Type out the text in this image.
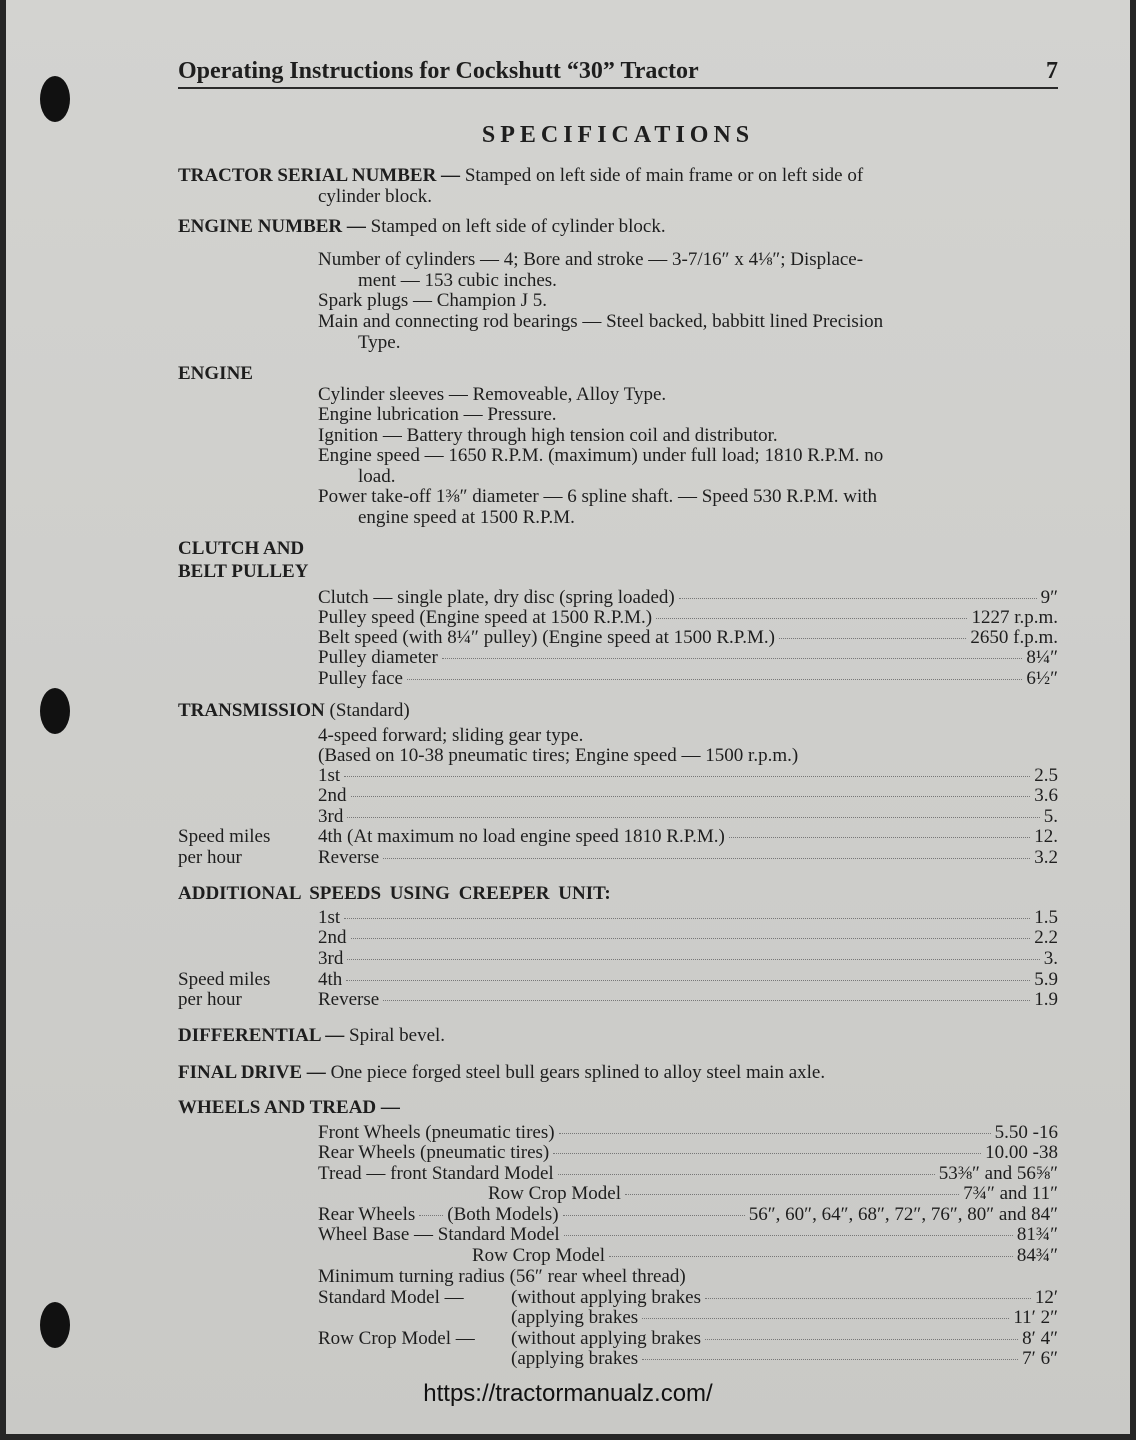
Operating Instructions for Cockshutt “30” Tractor	7
SPECIFICATIONS
TRACTOR SERIAL NUMBER — Stamped on left side of main frame or on left side of
cylinder block.
ENGINE NUMBER — Stamped on left side of cylinder block.
Number of cylinders — 4; Bore and stroke — 3-7/16″ x 4⅛″; Displace-
ment — 153 cubic inches.
Spark plugs — Champion J 5.
Main and connecting rod bearings — Steel backed, babbitt lined Precision
Type.
ENGINE
Cylinder sleeves — Removeable, Alloy Type.
Engine lubrication — Pressure.
Ignition — Battery through high tension coil and distributor.
Engine speed — 1650 R.P.M. (maximum) under full load; 1810 R.P.M. no
load.
Power take-off 1⅜″ diameter — 6 spline shaft. — Speed 530 R.P.M. with
engine speed at 1500 R.P.M.
CLUTCH AND
BELT PULLEY
Clutch — single plate, dry disc (spring loaded)	9″
Pulley speed (Engine speed at 1500 R.P.M.)	1227 r.p.m.
Belt speed (with 8¼″ pulley) (Engine speed at 1500 R.P.M.)	2650 f.p.m.
Pulley diameter	8¼″
Pulley face	6½″
TRANSMISSION (Standard)
4-speed forward; sliding gear type.
(Based on 10-38 pneumatic tires; Engine speed — 1500 r.p.m.)
1st	2.5
2nd	3.6
3rd	5.
Speed miles	4th (At maximum no load engine speed 1810 R.P.M.)	12.
per hour	Reverse	3.2
ADDITIONAL SPEEDS USING CREEPER UNIT:
1st	1.5
2nd	2.2
3rd	3.
Speed miles	4th	5.9
per hour	Reverse	1.9
DIFFERENTIAL — Spiral bevel.
FINAL DRIVE — One piece forged steel bull gears splined to alloy steel main axle.
WHEELS AND TREAD —
Front Wheels (pneumatic tires)	5.50 -16
Rear Wheels (pneumatic tires)	10.00 -38
Tread — front Standard Model	53⅜″ and 56⅝″
Row Crop Model	7¾″ and 11″
Rear Wheels (Both Models)	56″, 60″, 64″, 68″, 72″, 76″, 80″ and 84″
Wheel Base — Standard Model	81¾″
Row Crop Model	84¾″
Minimum turning radius (56″ rear wheel thread)
Standard Model — (without applying brakes	12′
(applying brakes	11′ 2″
Row Crop Model — (without applying brakes	8′ 4″
(applying brakes	7′ 6″
https://tractormanualz.com/
